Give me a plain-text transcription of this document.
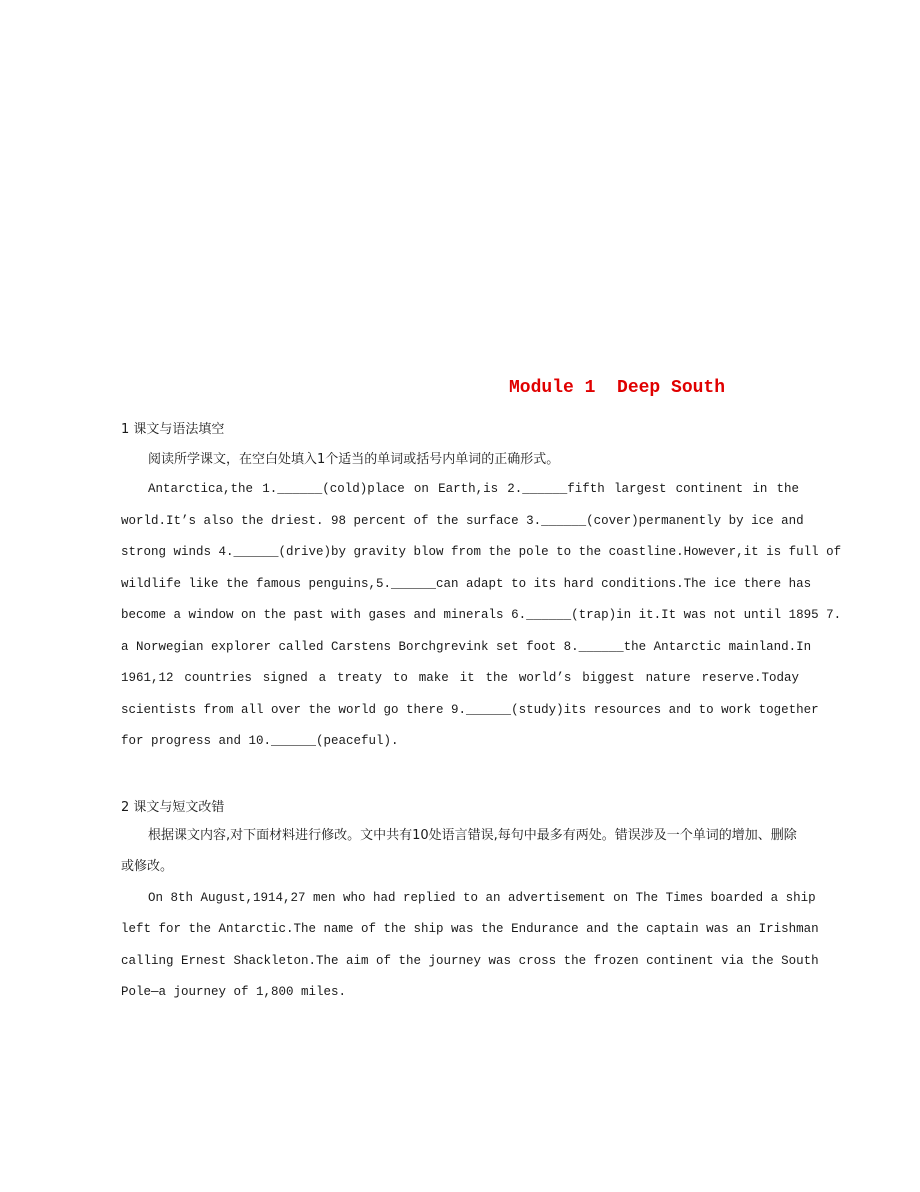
Module 1  Deep South
1 课文与语法填空
阅读所学课文，在空白处填入1个适当的单词或括号内单词的正确形式。
Antarctica,the 1.______(cold)place on Earth,is 2.______fifth largest continent in the
world.It’s also the driest. 98 percent of the surface 3.______(cover)permanently by ice and
strong winds 4.______(drive)by gravity blow from the pole to the coastline.However,it is full of
wildlife like the famous penguins,5.______can adapt to its hard conditions.The ice there has
become a window on the past with gases and minerals 6.______(trap)in it.It was not until 1895 7.
a Norwegian explorer called Carstens Borchgrevink set foot 8.______the Antarctic mainland.In
1961,12 countries signed a treaty to make it the world’s biggest nature reserve.Today
scientists from all over the world go there 9.______(study)its resources and to work together
for progress and 10.______(peaceful).
2 课文与短文改错
根据课文内容,对下面材料进行修改。文中共有10处语言错误,每句中最多有两处。错误涉及一个单词的增加、删除或修改。
On 8th August,1914,27 men who had replied to an advertisement on The Times boarded a ship
left for the Antarctic.The name of the ship was the Endurance and the captain was an Irishman
calling Ernest Shackleton.The aim of the journey was cross the frozen continent via the South
Pole—a journey of 1,800 miles.
